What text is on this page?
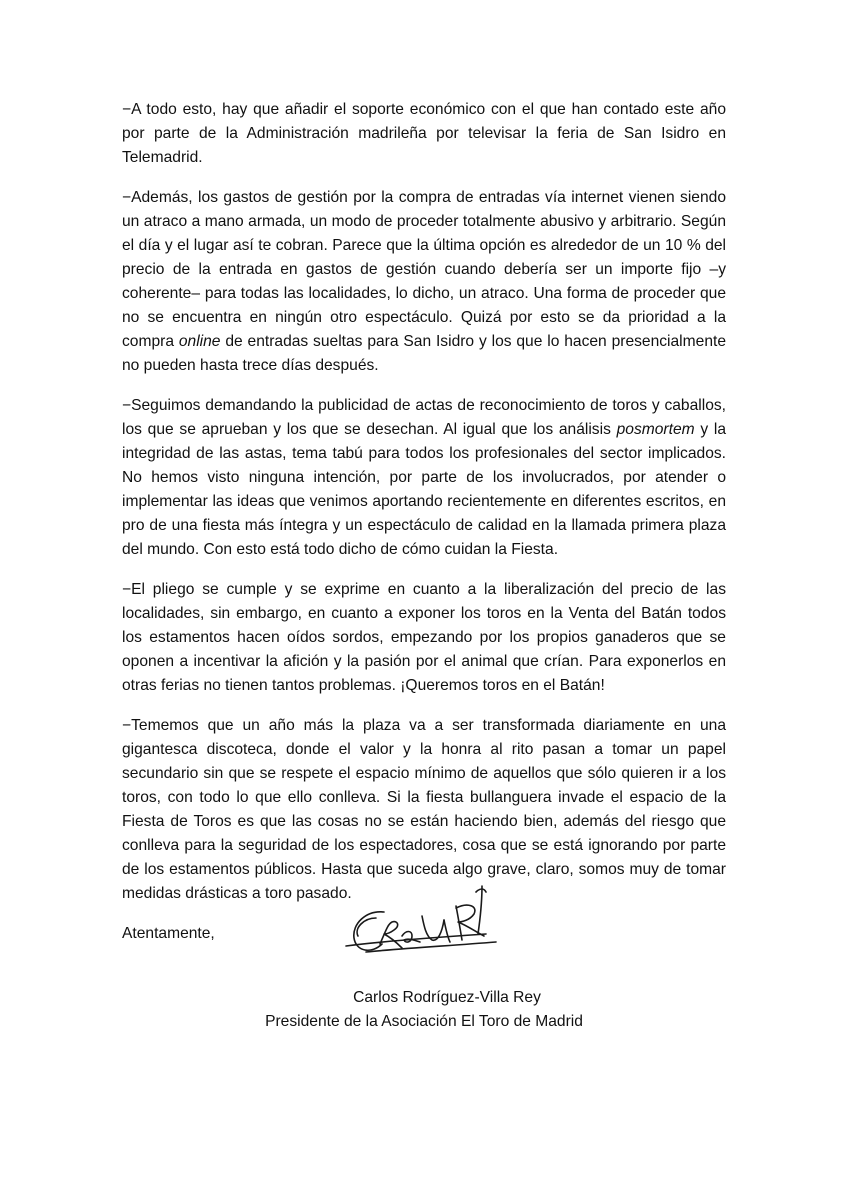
−A todo esto, hay que añadir el soporte económico con el que han contado este año por parte de la Administración madrileña por televisar la feria de San Isidro en Telemadrid.

−Además, los gastos de gestión por la compra de entradas vía internet vienen siendo un atraco a mano armada, un modo de proceder totalmente abusivo y arbitrario. Según el día y el lugar así te cobran. Parece que la última opción es alrededor de un 10 % del precio de la entrada en gastos de gestión cuando debería ser un importe fijo –y coherente– para todas las localidades, lo dicho, un atraco. Una forma de proceder que no se encuentra en ningún otro espectáculo. Quizá por esto se da prioridad a la compra online de entradas sueltas para San Isidro y los que lo hacen presencialmente no pueden hasta trece días después.

−Seguimos demandando la publicidad de actas de reconocimiento de toros y caballos, los que se aprueban y los que se desechan. Al igual que los análisis posmortem y la integridad de las astas, tema tabú para todos los profesionales del sector implicados. No hemos visto ninguna intención, por parte de los involucrados, por atender o implementar las ideas que venimos aportando recientemente en diferentes escritos, en pro de una fiesta más íntegra y un espectáculo de calidad en la llamada primera plaza del mundo. Con esto está todo dicho de cómo cuidan la Fiesta.

−El pliego se cumple y se exprime en cuanto a la liberalización del precio de las localidades, sin embargo, en cuanto a exponer los toros en la Venta del Batán todos los estamentos hacen oídos sordos, empezando por los propios ganaderos que se oponen a incentivar la afición y la pasión por el animal que crían. Para exponerlos en otras ferias no tienen tantos problemas. ¡Queremos toros en el Batán!

−Tememos que un año más la plaza va a ser transformada diariamente en una gigantesca discoteca, donde el valor y la honra al rito pasan a tomar un papel secundario sin que se respete el espacio mínimo de aquellos que sólo quieren ir a los toros, con todo lo que ello conlleva. Si la fiesta bullanguera invade el espacio de la Fiesta de Toros es que las cosas no se están haciendo bien, además del riesgo que conlleva para la seguridad de los espectadores, cosa que se está ignorando por parte de los estamentos públicos. Hasta que suceda algo grave, claro, somos muy de tomar medidas drásticas a toro pasado.

Atentamente,

Carlos Rodríguez-Villa Rey
Presidente de la Asociación El Toro de Madrid
